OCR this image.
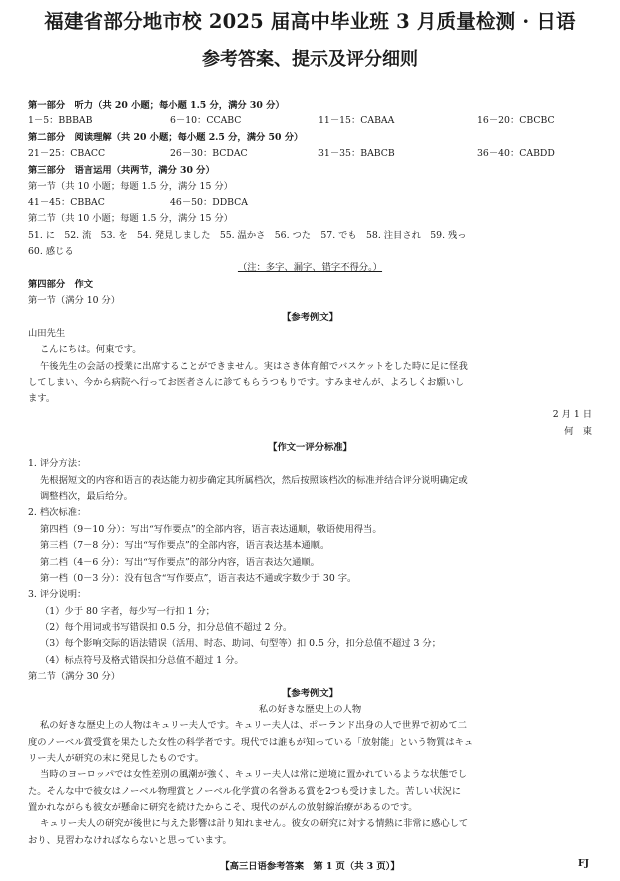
福建省部分地市校 2025 届高中毕业班 3 月质量检测 · 日语
参考答案、提示及评分细则
第一部分　听力（共 20 小题；每小题 1.5 分，满分 30 分）
1－5：BBBAB	6－10：CCABC	11－15：CABAA	16－20：CBCBC
第二部分　阅读理解（共 20 小题；每小题 2.5 分，满分 50 分）
21－25：CBACC	26－30：BCDAC	31－35：BABCB	36－40：CABDD
第三部分　语言运用（共两节，满分 30 分）
第一节（共 10 小题；每题 1.5 分，满分 15 分）
41－45：CBBAC	46－50：DDBCA
第二节（共 10 小题；每题 1.5 分，满分 15 分）
51. に　52. 流　53. を　54. 発見しました　55. 温かさ　56. つた　57. でも　58. 注目され　59. 残っ
60. 感じる
（注：多字、漏字、错字不得分。）
第四部分　作文
第一节（满分 10 分）
【参考例文】
山田先生
こんにちは。何東です。
午後先生の会話の授業に出席することができません。実はさき体育館でバスケットをした時に足に怪我
してしまい、今から病院へ行ってお医者さんに診てもらうつもりです。すみませんが、よろしくお願いし
ます。
2 月 1 日
何　東
【作文一评分标准】
1. 评分方法：
先根据短文的内容和语言的表达能力初步确定其所属档次，然后按照该档次的标准并结合评分说明确定或
调整档次，最后给分。
2. 档次标准：
第四档（9－10 分）：写出“写作要点”的全部内容，语言表达通顺，敬语使用得当。
第三档（7－8 分）：写出“写作要点”的全部内容，语言表达基本通顺。
第二档（4－6 分）：写出“写作要点”的部分内容，语言表达欠通顺。
第一档（0－3 分）：没有包含“写作要点”，语言表达不通或字数少于 30 字。
3. 评分说明：
（1）少于 80 字者，每少写一行扣 1 分；
（2）每个用词或书写错误扣 0.5 分，扣分总值不超过 2 分。
（3）每个影响交际的语法错误（活用、时态、助词、句型等）扣 0.5 分，扣分总值不超过 3 分；
（4）标点符号及格式错误扣分总值不超过 1 分。
第二节（满分 30 分）
【参考例文】
私の好きな歴史上の人物
私の好きな歴史上の人物はキュリー夫人です。キュリー夫人は、ポーランド出身の人で世界で初めて二
度のノーベル賞受賞を果たした女性の科学者です。現代では誰もが知っている「放射能」という物質はキュ
リー夫人が研究の末に発見したものです。
当時のヨーロッパでは女性差別の風潮が強く、キュリー夫人は常に逆境に置かれているような状態でし
た。そんな中で彼女はノーベル物理賞とノーベル化学賞の名誉ある賞を2つも受けました。苦しい状況に
置かれながらも彼女が懸命に研究を続けたからこそ、現代のがんの放射線治療があるのです。
キュリー夫人の研究が後世に与えた影響は計り知れません。彼女の研究に対する情熱に非常に感心して
おり、見習わなければならないと思っています。
【高三日语参考答案　第 1 页（共 3 页）】	FJ
